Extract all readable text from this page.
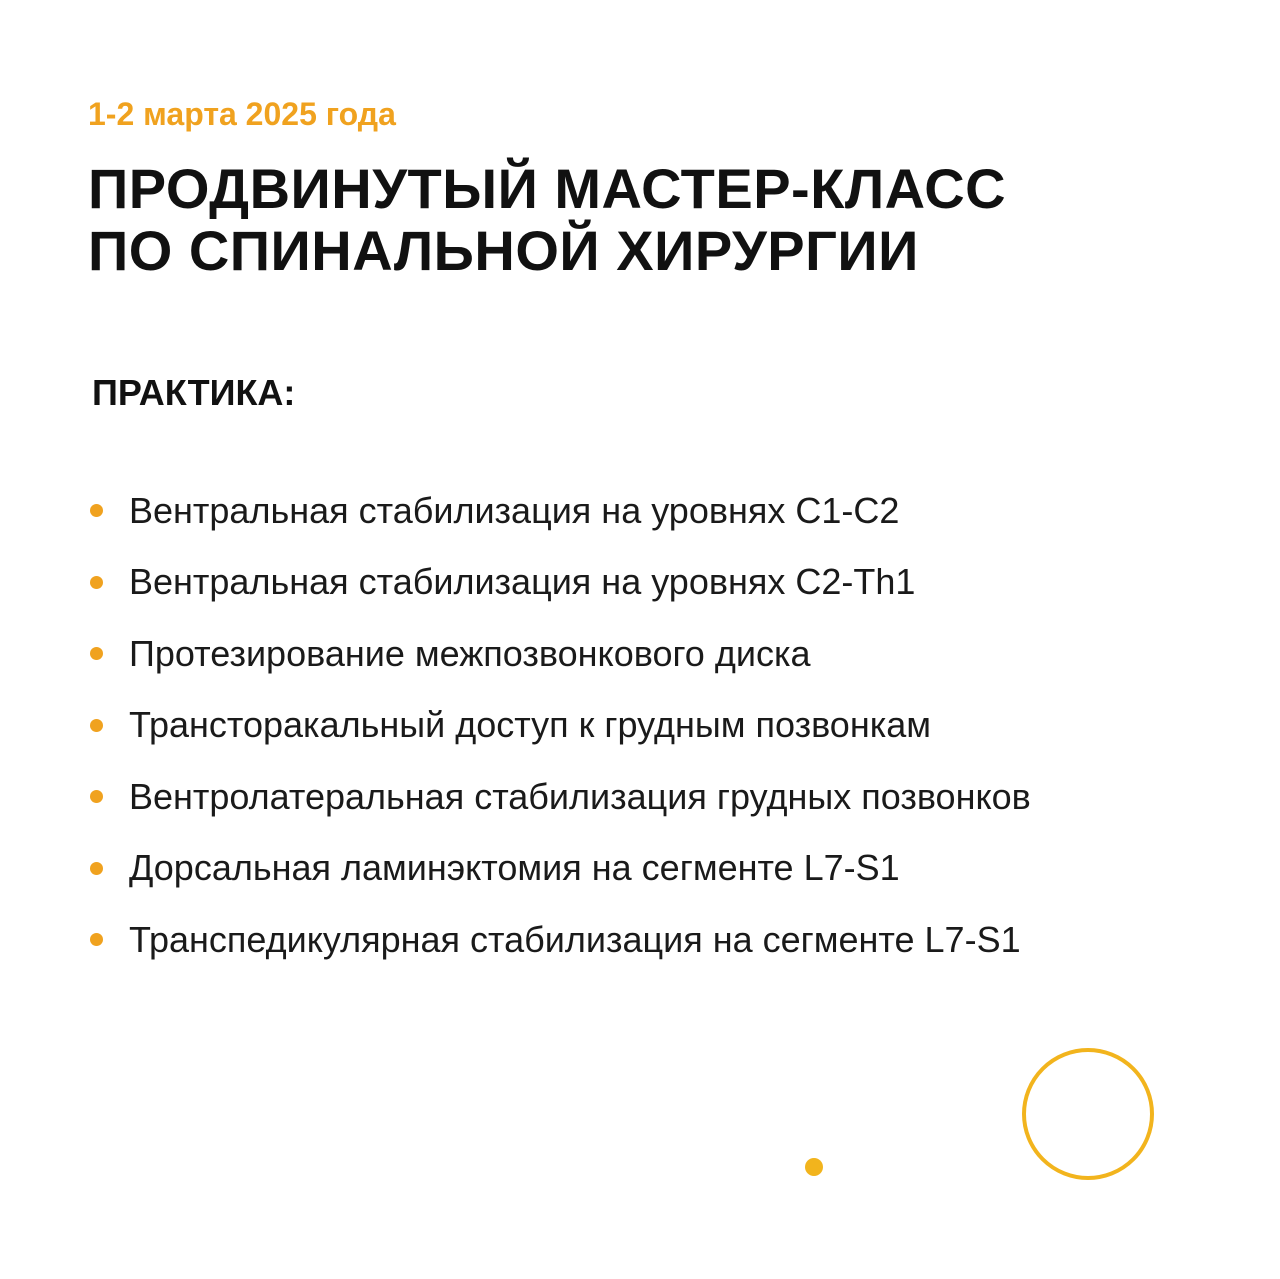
1-2 марта 2025 года
ПРОДВИНУТЫЙ МАСТЕР-КЛАСС
ПО СПИНАЛЬНОЙ ХИРУРГИИ
ПРАКТИКА:
Вентральная стабилизация на уровнях С1-С2
Вентральная стабилизация на уровнях С2-Th1
Протезирование межпозвонкового диска
Трансторакальный доступ к грудным позвонкам
Вентролатеральная стабилизация грудных позвонков
Дорсальная ламинэктомия на сегменте L7-S1
Транспедикулярная стабилизация на сегменте L7-S1
